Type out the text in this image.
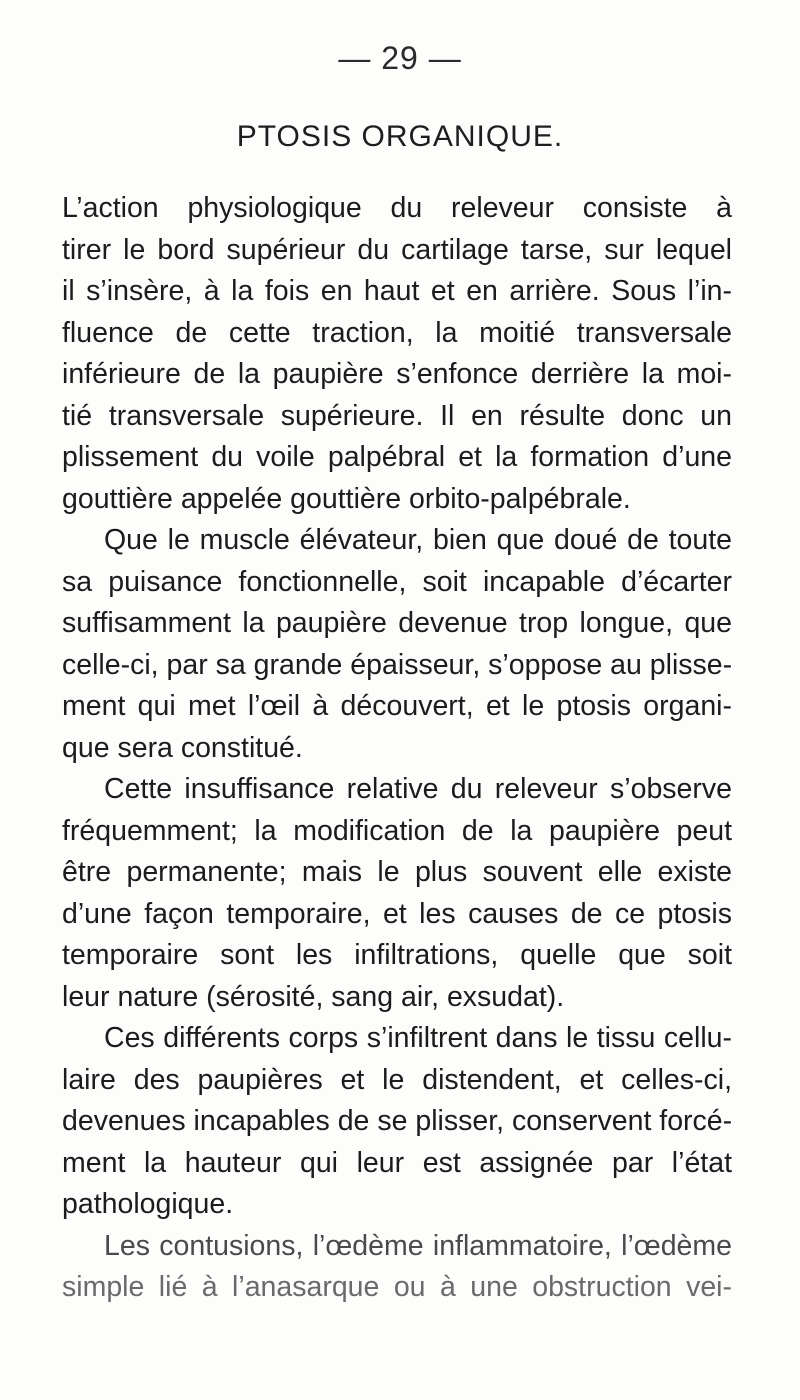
— 29 —
PTOSIS ORGANIQUE.
L’action physiologique du releveur consiste à
tirer le bord supérieur du cartilage tarse, sur lequel
il s’insère, à la fois en haut et en arrière. Sous l’in-
fluence de cette traction, la moitié transversale
inférieure de la paupière s’enfonce derrière la moi-
tié transversale supérieure. Il en résulte donc un
plissement du voile palpébral et la formation d’une
gouttière appelée gouttière orbito-palpébrale.
Que le muscle élévateur, bien que doué de toute
sa puisance fonctionnelle, soit incapable d’écarter
suffisamment la paupière devenue trop longue, que
celle-ci, par sa grande épaisseur, s’oppose au plisse-
ment qui met l’œil à découvert, et le ptosis organi-
que sera constitué.
Cette insuffisance relative du releveur s’observe
fréquemment; la modification de la paupière peut
être permanente; mais le plus souvent elle existe
d’une façon temporaire, et les causes de ce ptosis
temporaire sont les infiltrations, quelle que soit
leur nature (sérosité, sang air, exsudat).
Ces différents corps s’infiltrent dans le tissu cellu-
laire des paupières et le distendent, et celles-ci,
devenues incapables de se plisser, conservent forcé-
ment la hauteur qui leur est assignée par l’état
pathologique.
Les contusions, l’œdème inflammatoire, l’œdème
simple lié à l’anasarque ou à une obstruction vei-
